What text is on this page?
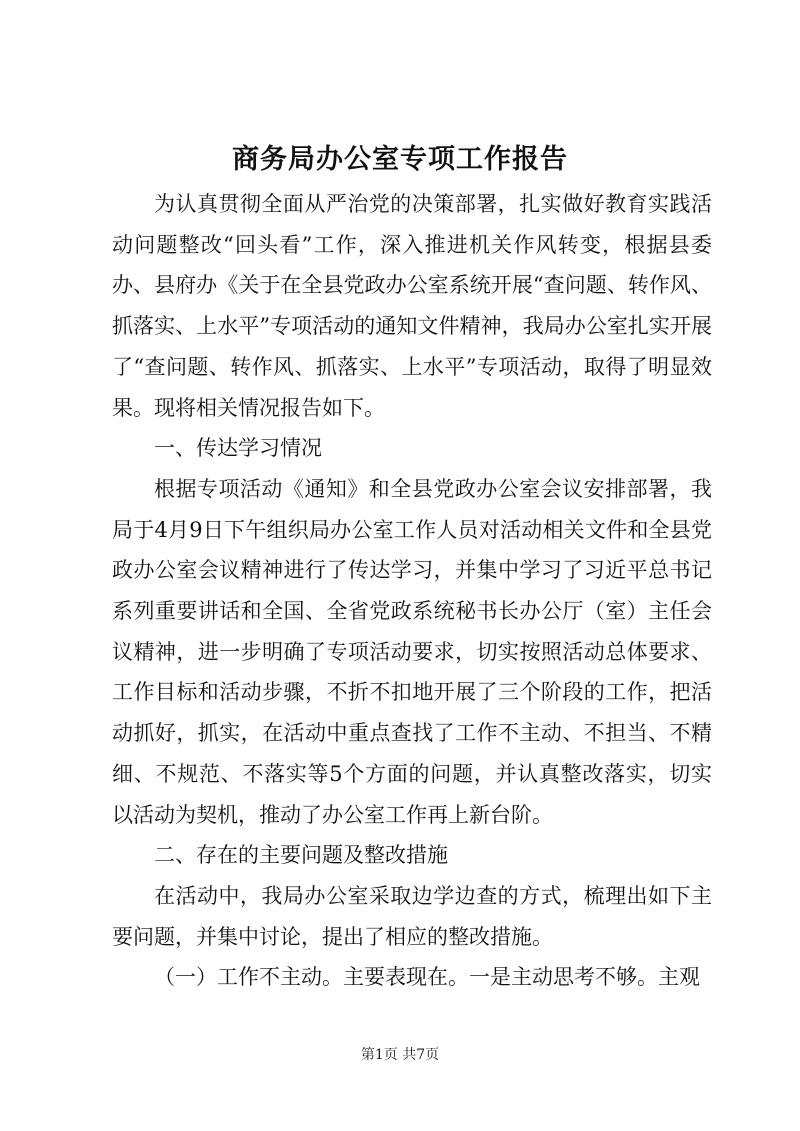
商务局办公室专项工作报告

为认真贯彻全面从严治党的决策部署，扎实做好教育实践活动问题整改“回头看”工作，深入推进机关作风转变，根据县委办、县府办《关于在全县党政办公室系统开展“查问题、转作风、抓落实、上水平”专项活动的通知文件精神，我局办公室扎实开展了“查问题、转作风、抓落实、上水平”专项活动，取得了明显效果。现将相关情况报告如下。

一、传达学习情况

根据专项活动《通知》和全县党政办公室会议安排部署，我局于4月9日下午组织局办公室工作人员对活动相关文件和全县党政办公室会议精神进行了传达学习，并集中学习了习近平总书记系列重要讲话和全国、全省党政系统秘书长办公厅（室）主任会议精神，进一步明确了专项活动要求，切实按照活动总体要求、工作目标和活动步骤，不折不扣地开展了三个阶段的工作，把活动抓好，抓实，在活动中重点查找了工作不主动、不担当、不精细、不规范、不落实等5个方面的问题，并认真整改落实，切实以活动为契机，推动了办公室工作再上新台阶。

二、存在的主要问题及整改措施

在活动中，我局办公室采取边学边查的方式，梳理出如下主要问题，并集中讨论，提出了相应的整改措施。

（一）工作不主动。主要表现在。一是主动思考不够。主观

第1页 共7页
